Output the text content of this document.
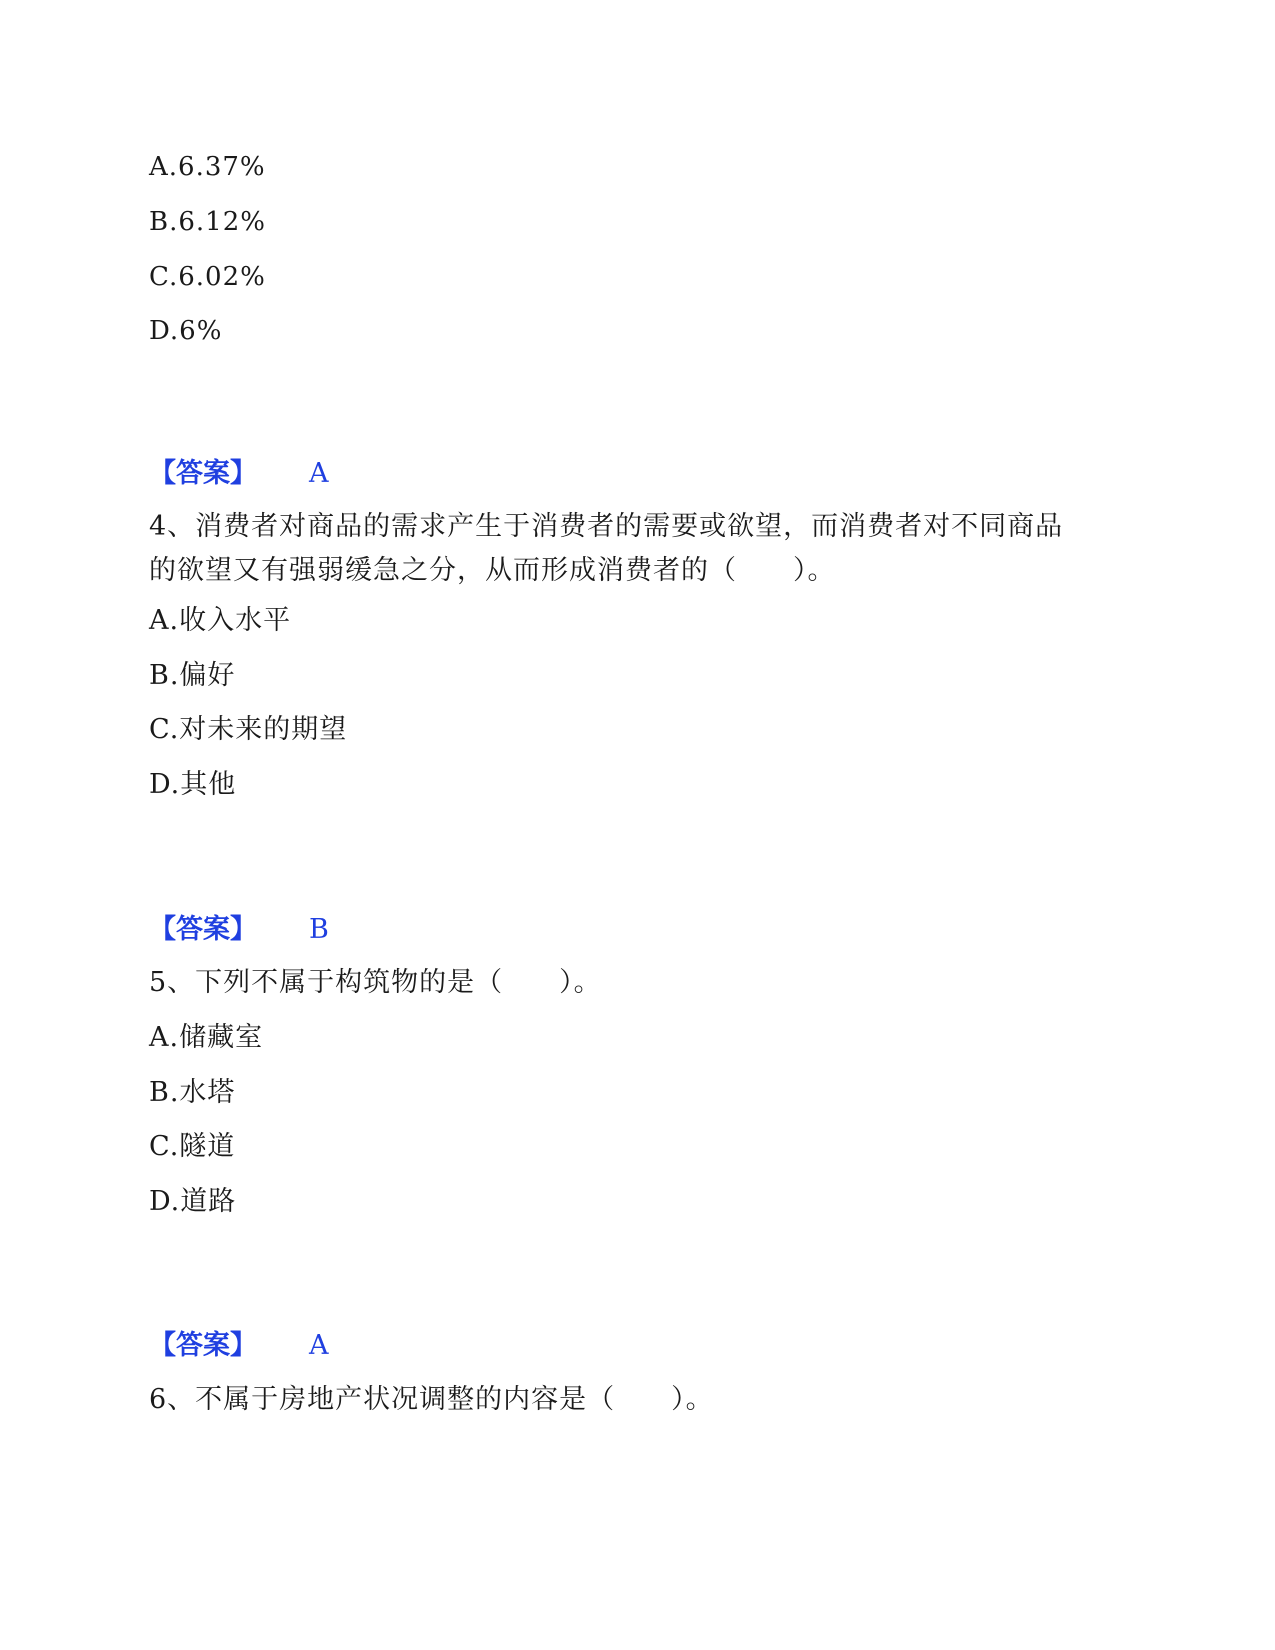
A.6.37%
B.6.12%
C.6.02%
D.6%
【答案】 A
4、消费者对商品的需求产生于消费者的需要或欲望，而消费者对不同商品
的欲望又有强弱缓急之分，从而形成消费者的（　　）。
A.收入水平
B.偏好
C.对未来的期望
D.其他
【答案】 B
5、下列不属于构筑物的是（　　）。
A.储藏室
B.水塔
C.隧道
D.道路
【答案】 A
6、不属于房地产状况调整的内容是（　　）。
